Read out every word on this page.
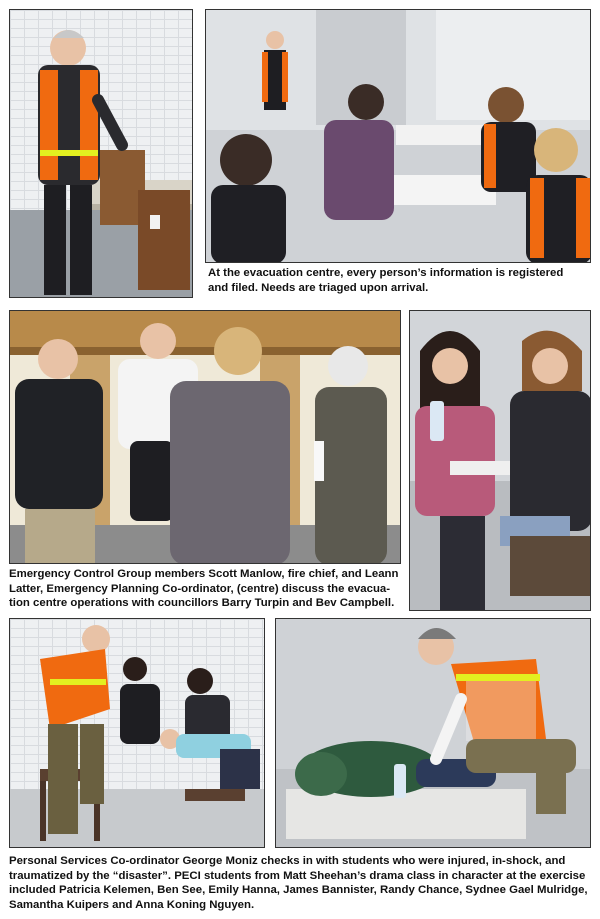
At the evacuation centre, every person’s information is registered

and filed. Needs are triaged upon arrival.

Emergency Control Group members Scott Manlow, fire chief, and Leann

Latter, Emergency Planning Co-ordinator, (centre) discuss the evacua-

tion centre operations with councillors Barry Turpin and Bev Campbell.

Personal Services Co-ordinator George Moniz checks in with students who were injured, in-shock, and

traumatized by the “disaster”. PECI students from Matt Sheehan’s drama class in character at the exercise

included Patricia Kelemen, Ben See, Emily Hanna, James Bannister, Randy Chance, Sydnee Gael Mulridge,

Samantha Kuipers and Anna Koning Nguyen.
